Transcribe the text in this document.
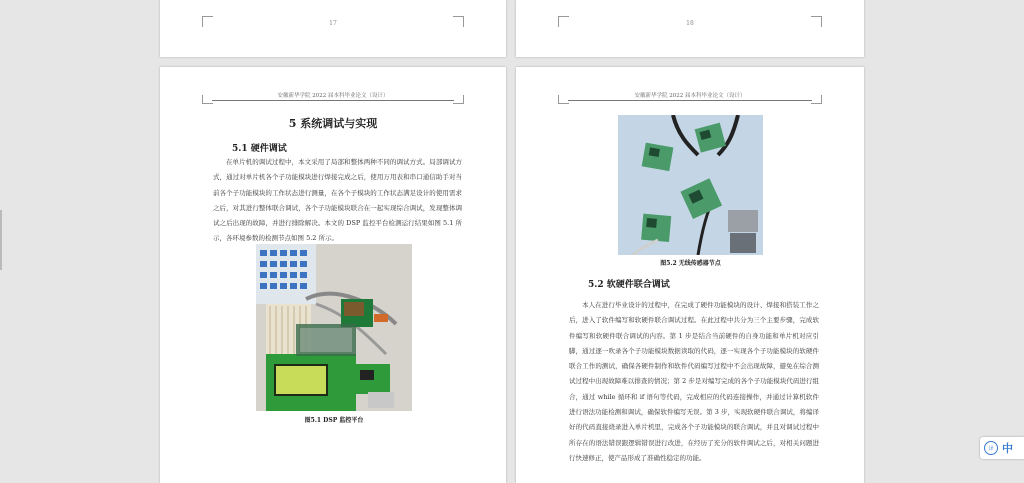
17	18
安徽新华学院 2022 届本科毕业论文（设计）
5 系统调试与实现
5.1 硬件调试

在单片机的调试过程中，本文采用了局部和整体两种不同的调试方式。局部调试方式，通过对单片机各个子功能模块进行焊接完成之后，使用万用表和串口通信助手对当前各个子功能模块的工作状态进行测量，在各个子模块的工作状态满足设计的使用需求之后，对其进行整体联合调试，各个子功能模块联合在一起实现综合调试，发现整体调试之后出现的故障，并进行排除解决。本文的 DSP 监控平台检测运行结果如图 5.1 所示，各环境参数的检测节点如图 5.2 所示。

图5.1 DSP 监控平台
安徽新华学院 2022 届本科毕业论文（设计）
图5.2 无线传感器节点
5.2 软硬件联合调试

本人在进行毕业设计的过程中，在完成了硬件功能模块的设计、焊接和搭装工作之后，进入了软件编写和软硬件联合调试过程。在此过程中共分为三个主要步骤，完成软件编写和软硬件联合调试的内容。第 1 步是结合当前硬件的自身功能和单片机对应引脚，通过逐一吹录各个子功能模块数据读取的代码，逐一实现各个子功能模块的软硬件联合工作的测试，确保各硬件制作和软件代码编写过程中不会出现故障，避免在综合测试过程中出现故障难以排查的情况；第 2 步是对编写完成的各个子功能模块代码进行组合，通过 while 循环和 if 语句等代码，完成相应的代码连接操作，并通过计算机软件进行语法功能检测和调试，确保软件编写无误。第 3 步，实现软硬件联合调试，将编译好的代码直接烧录进入单片机里，完成各个子功能模块的联合调试，并且对调试过程中所存在的语法错误跟逻辑错误进行改进，在经历了充分的软件调试之后，对相关问题进行快速修正，使产品形成了准确性稳定的功能。

译 中
